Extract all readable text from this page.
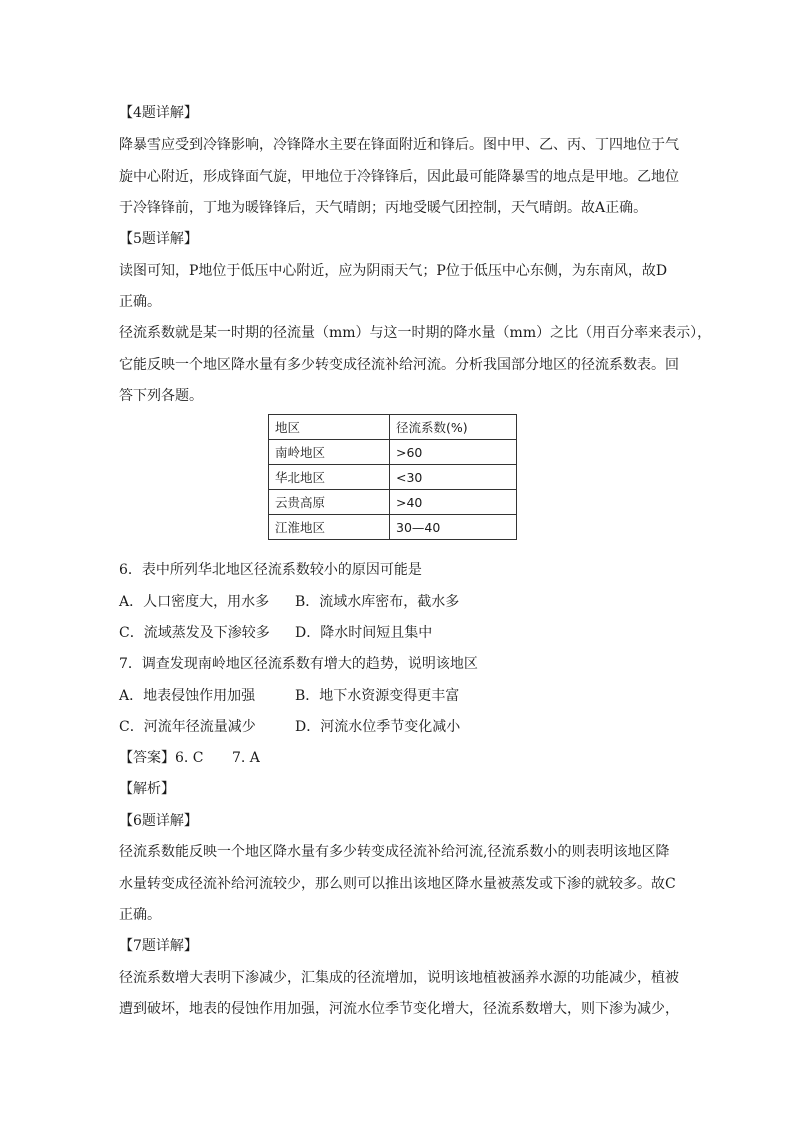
【4题详解】
降暴雪应受到冷锋影响，冷锋降水主要在锋面附近和锋后。图中甲、乙、丙、丁四地位于气
旋中心附近，形成锋面气旋，甲地位于冷锋锋后，因此最可能降暴雪的地点是甲地。乙地位
于冷锋锋前，丁地为暖锋锋后，天气晴朗；丙地受暖气团控制，天气晴朗。故A正确。
【5题详解】
读图可知，P地位于低压中心附近，应为阴雨天气；P位于低压中心东侧，为东南风，故D
正确。
径流系数就是某一时期的径流量（mm）与这一时期的降水量（mm）之比（用百分率来表示），
它能反映一个地区降水量有多少转变成径流补给河流。分析我国部分地区的径流系数表。回
答下列各题。
地区	径流系数(%)
南岭地区	>60
华北地区	<30
云贵高原	>40
江淮地区	30—40
6．表中所列华北地区径流系数较小的原因可能是
A．人口密度大，用水多 B．流域水库密布，截水多
C．流域蒸发及下渗较多 D．降水时间短且集中
7．调查发现南岭地区径流系数有增大的趋势，说明该地区
A．地表侵蚀作用加强	B．地下水资源变得更丰富
C．河流年径流量减少	D．河流水位季节变化减小
【答案】6. C 7. A
【解析】
【6题详解】
径流系数能反映一个地区降水量有多少转变成径流补给河流,径流系数小的则表明该地区降
水量转变成径流补给河流较少，那么则可以推出该地区降水量被蒸发或下渗的就较多。故C
正确。
【7题详解】
径流系数增大表明下渗减少，汇集成的径流增加，说明该地植被涵养水源的功能减少，植被
遭到破坏，地表的侵蚀作用加强，河流水位季节变化增大，径流系数增大，则下渗为减少，
